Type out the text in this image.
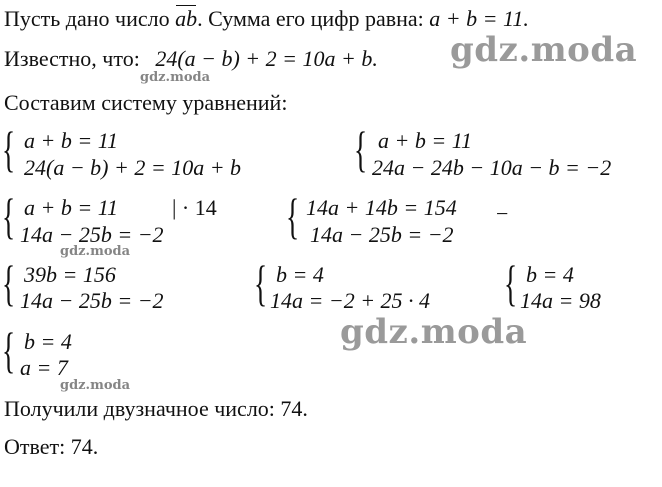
Пусть дано число ab. Сумма его цифр равна: a + b = 11.
Известно, что: 24(a − b) + 2 = 10a + b.
Составим систему уравнений:
{ a + b = 11
24(a − b) + 2 = 10a + b { a + b = 11
24a − 24b − 10a − b = −2
{ a + b = 11 | · 14
14a − 25b = −2 { 14a + 14b = 154 −
14a − 25b = −2
{ 39b = 156
14a − 25b = −2 { b = 4
14a = −2 + 25 · 4 { b = 4
14a = 98
{ b = 4
a = 7
Получили двузначное число: 74.
Ответ: 74.
gdz.moda
gdz.moda
gdz.moda
gdz.moda
gdz.moda
